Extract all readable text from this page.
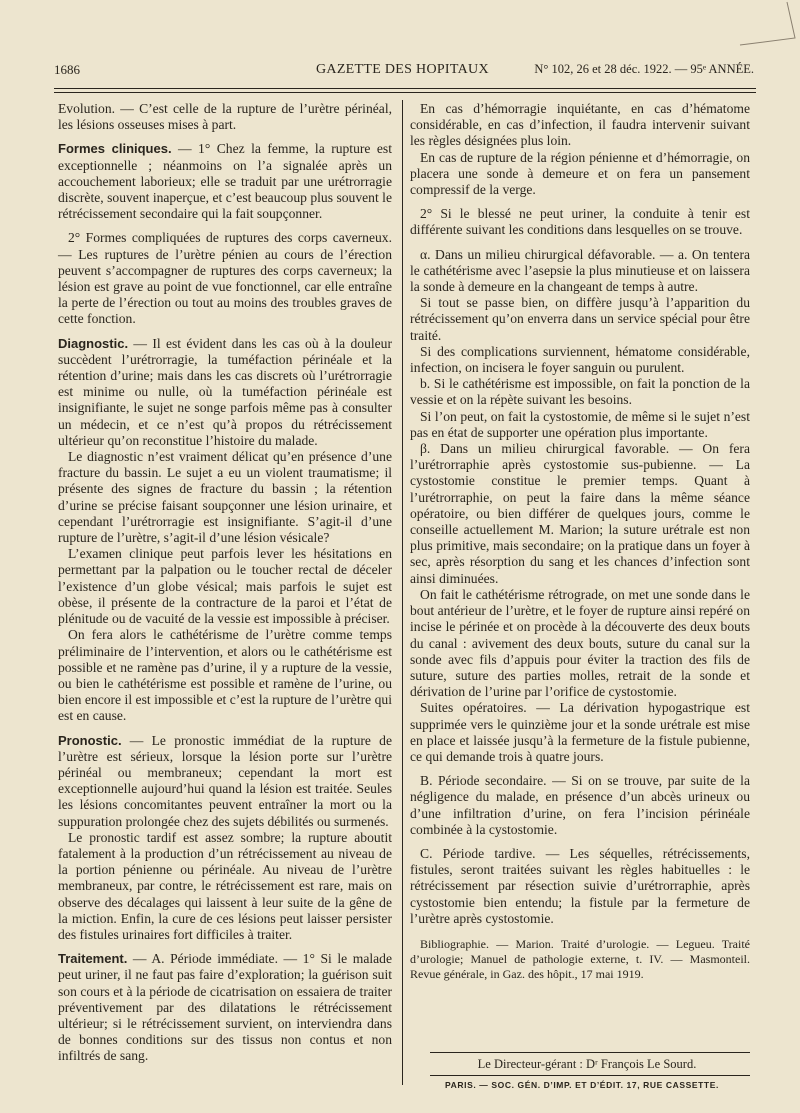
1686	GAZETTE DES HOPITAUX	N° 102, 26 et 28 déc. 1922. — 95ᵉ ANNÉE.

Evolution. — C’est celle de la rupture de l’urètre périnéal, les lésions osseuses mises à part.

Formes cliniques. — 1° Chez la femme, la rupture est exceptionnelle ; néanmoins on l’a signalée après un accouchement laborieux; elle se traduit par une urétrorragie discrète, souvent inaperçue, et c’est beaucoup plus souvent le rétrécissement secondaire qui la fait soupçonner.

2° Formes compliquées de ruptures des corps caverneux. — Les ruptures de l’urètre pénien au cours de l’érection peuvent s’accompagner de ruptures des corps caverneux; la lésion est grave au point de vue fonctionnel, car elle entraîne la perte de l’érection ou tout au moins des troubles graves de cette fonction.

Diagnostic. — Il est évident dans les cas où à la douleur succèdent l’urétrorragie, la tuméfaction périnéale et la rétention d’urine; mais dans les cas discrets où l’urétrorragie est minime ou nulle, où la tuméfaction périnéale est insignifiante, le sujet ne songe parfois même pas à consulter un médecin, et ce n’est qu’à propos du rétrécissement ultérieur qu’on reconstitue l’histoire du malade.

Le diagnostic n’est vraiment délicat qu’en présence d’une fracture du bassin. Le sujet a eu un violent traumatisme; il présente des signes de fracture du bassin ; la rétention d’urine se précise faisant soupçonner une lésion urinaire, et cependant l’urétrorragie est insignifiante. S’agit-il d’une rupture de l’urètre, s’agit-il d’une lésion vésicale?

L’examen clinique peut parfois lever les hésitations en permettant par la palpation ou le toucher rectal de déceler l’existence d’un globe vésical; mais parfois le sujet est obèse, il présente de la contracture de la paroi et l’état de plénitude ou de vacuité de la vessie est impossible à préciser.

On fera alors le cathétérisme de l’urètre comme temps préliminaire de l’intervention, et alors ou le cathétérisme est possible et ne ramène pas d’urine, il y a rupture de la vessie, ou bien le cathétérisme est possible et ramène de l’urine, ou bien encore il est impossible et c’est la rupture de l’urètre qui est en cause.

Pronostic. — Le pronostic immédiat de la rupture de l’urètre est sérieux, lorsque la lésion porte sur l’urètre périnéal ou membraneux; cependant la mort est exceptionnelle aujourd’hui quand la lésion est traitée. Seules les lésions concomitantes peuvent entraîner la mort ou la suppuration prolongée chez des sujets débilités ou surmenés.

Le pronostic tardif est assez sombre; la rupture aboutit fatalement à la production d’un rétrécissement au niveau de la portion pénienne ou périnéale. Au niveau de l’urètre membraneux, par contre, le rétrécissement est rare, mais on observe des décalages qui laissent à leur suite de la gêne de la miction. Enfin, la cure de ces lésions peut laisser persister des fistules urinaires fort difficiles à traiter.

Traitement. — A. Période immédiate. — 1° Si le malade peut uriner, il ne faut pas faire d’exploration; la guérison suit son cours et à la période de cicatrisation on essaiera de traiter préventivement par des dilatations le rétrécissement ultérieur; si le rétrécissement survient, on interviendra dans de bonnes conditions sur des tissus non contus et non infiltrés de sang.

En cas d’hémorragie inquiétante, en cas d’hématome considérable, en cas d’infection, il faudra intervenir suivant les règles désignées plus loin.

En cas de rupture de la région pénienne et d’hémorragie, on placera une sonde à demeure et on fera un pansement compressif de la verge.

2° Si le blessé ne peut uriner, la conduite à tenir est différente suivant les conditions dans lesquelles on se trouve.

α. Dans un milieu chirurgical défavorable. — a. On tentera le cathétérisme avec l’asepsie la plus minutieuse et on laissera la sonde à demeure en la changeant de temps à autre.

Si tout se passe bien, on diffère jusqu’à l’apparition du rétrécissement qu’on enverra dans un service spécial pour être traité.

Si des complications surviennent, hématome considérable, infection, on incisera le foyer sanguin ou purulent.

b. Si le cathétérisme est impossible, on fait la ponction de la vessie et on la répète suivant les besoins.

Si l’on peut, on fait la cystostomie, de même si le sujet n’est pas en état de supporter une opération plus importante.

β. Dans un milieu chirurgical favorable. — On fera l’urétrorraphie après cystostomie sus-pubienne. — La cystostomie constitue le premier temps. Quant à l’urétrorraphie, on peut la faire dans la même séance opératoire, ou bien différer de quelques jours, comme le conseille actuellement M. Marion; la suture urétrale est non plus primitive, mais secondaire; on la pratique dans un foyer à sec, après résorption du sang et les chances d’infection sont ainsi diminuées.

On fait le cathétérisme rétrograde, on met une sonde dans le bout antérieur de l’urètre, et le foyer de rupture ainsi repéré on incise le périnée et on procède à la découverte des deux bouts du canal : avivement des deux bouts, suture du canal sur la sonde avec fils d’appuis pour éviter la traction des fils de suture, suture des parties molles, retrait de la sonde et dérivation de l’urine par l’orifice de cystostomie.

Suites opératoires. — La dérivation hypogastrique est supprimée vers le quinzième jour et la sonde urétrale est mise en place et laissée jusqu’à la fermeture de la fistule pubienne, ce qui demande trois à quatre jours.

B. Période secondaire. — Si on se trouve, par suite de la négligence du malade, en présence d’un abcès urineux ou d’une infiltration d’urine, on fera l’incision périnéale combinée à la cystostomie.

C. Période tardive. — Les séquelles, rétrécissements, fistules, seront traitées suivant les règles habituelles : le rétrécissement par résection suivie d’urétrorraphie, après cystostomie bien entendu; la fistule par la fermeture de l’urètre après cystostomie.

Bibliographie. — Marion. Traité d’urologie. — Legueu. Traité d’urologie; Manuel de pathologie externe, t. IV. — Masmonteil. Revue générale, in Gaz. des hôpit., 17 mai 1919.

Le Directeur-gérant : Dʳ François Le Sourd.
PARIS. — SOC. GÉN. D’IMP. ET D’ÉDIT. 17, RUE CASSETTE.
